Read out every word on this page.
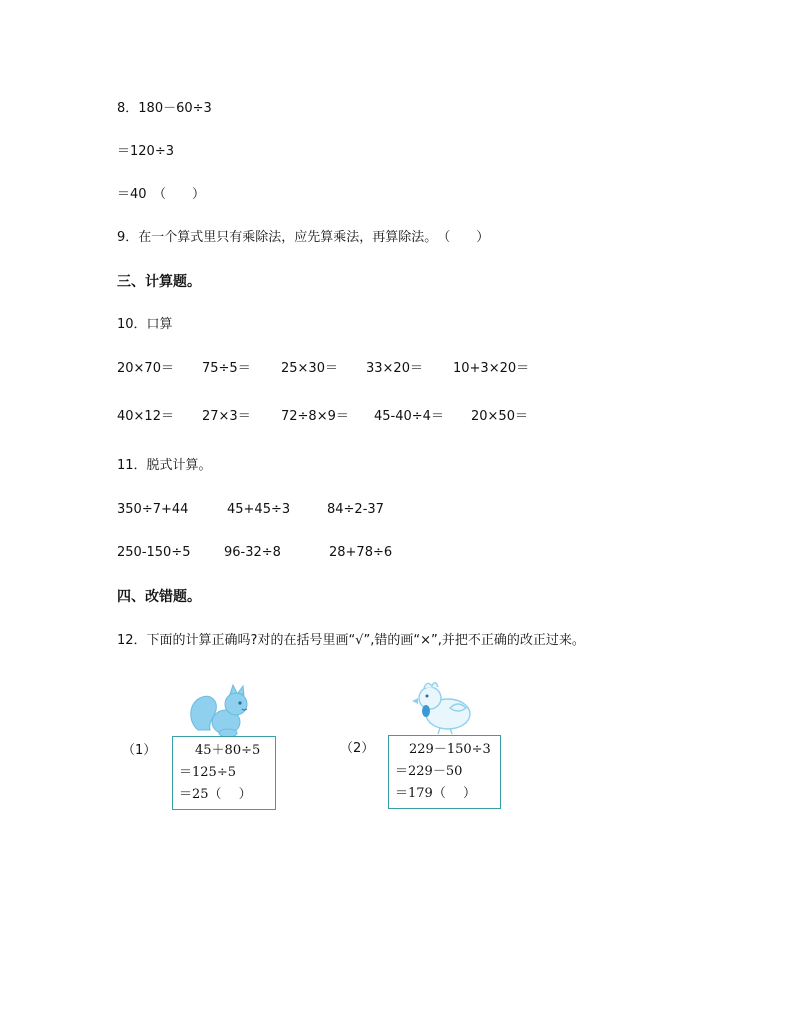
8．180－60÷3
＝120÷3
＝40　（　　）
9．在一个算式里只有乘除法，应先算乘法，再算除法。　（　　）
三、计算题。
10．口算
20×70＝ 75÷5＝ 25×30＝ 33×20＝ 10+3×20＝
40×12＝ 27×3＝ 72÷8×9＝ 45-40÷4＝ 20×50＝
11．脱式计算。
350÷7+44	45+45÷3	84÷2-37
250-150÷5	96-32÷8	28+78÷6
四、改错题。
12．下面的计算正确吗?对的在括号里画“√”,错的画“×”,并把不正确的改正过来。
（1）	45＋80÷5
＝125÷5
＝25（　 ）
（2）	229－150÷3
＝229－50
＝179（　 ）
